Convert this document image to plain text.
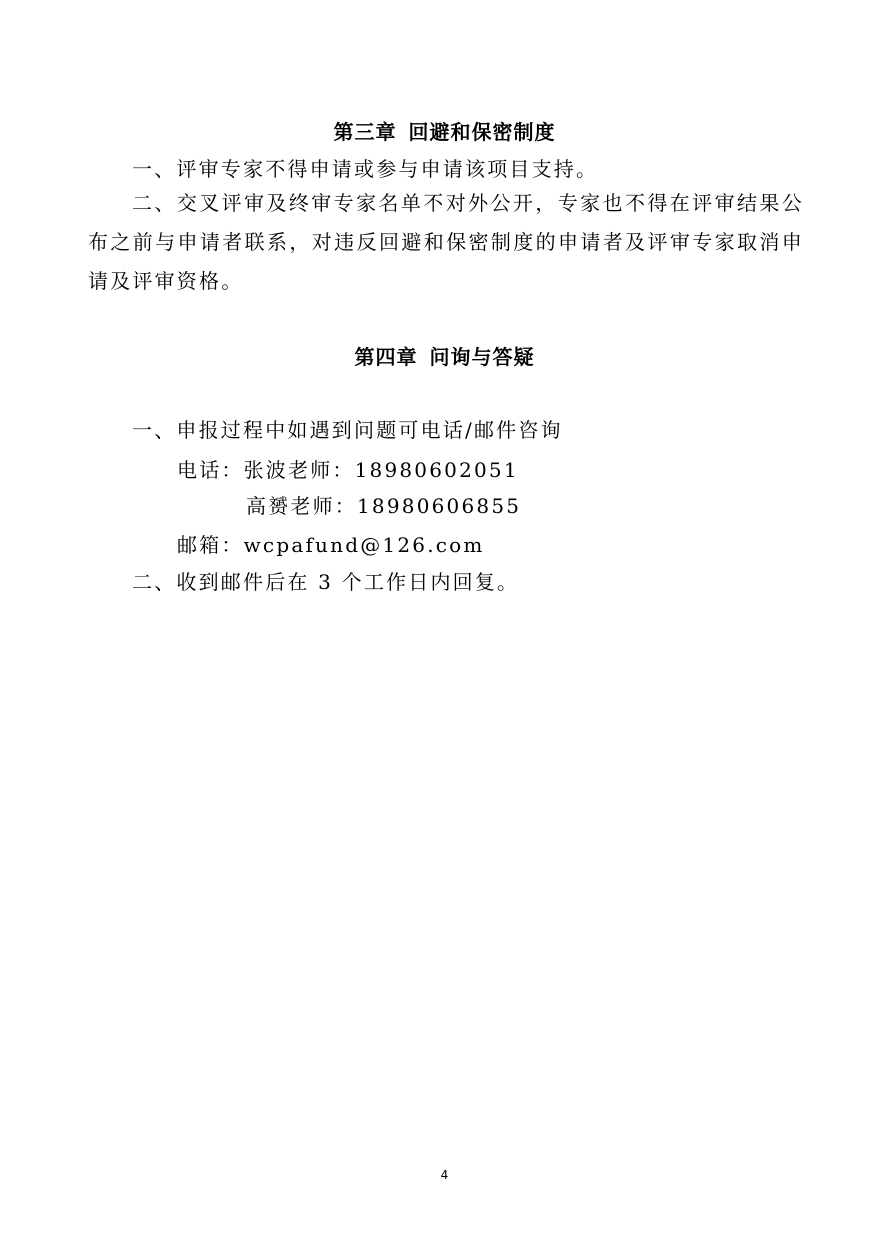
第三章 回避和保密制度
一、评审专家不得申请或参与申请该项目支持。
二、交叉评审及终审专家名单不对外公开，专家也不得在评审结果公布之前与申请者联系，对违反回避和保密制度的申请者及评审专家取消申请及评审资格。
第四章 问询与答疑
一、申报过程中如遇到问题可电话/邮件咨询
电话：张波老师：18980602051
高赟老师：18980606855
邮箱：wcpafund@126.com
二、收到邮件后在 3 个工作日内回复。
4
